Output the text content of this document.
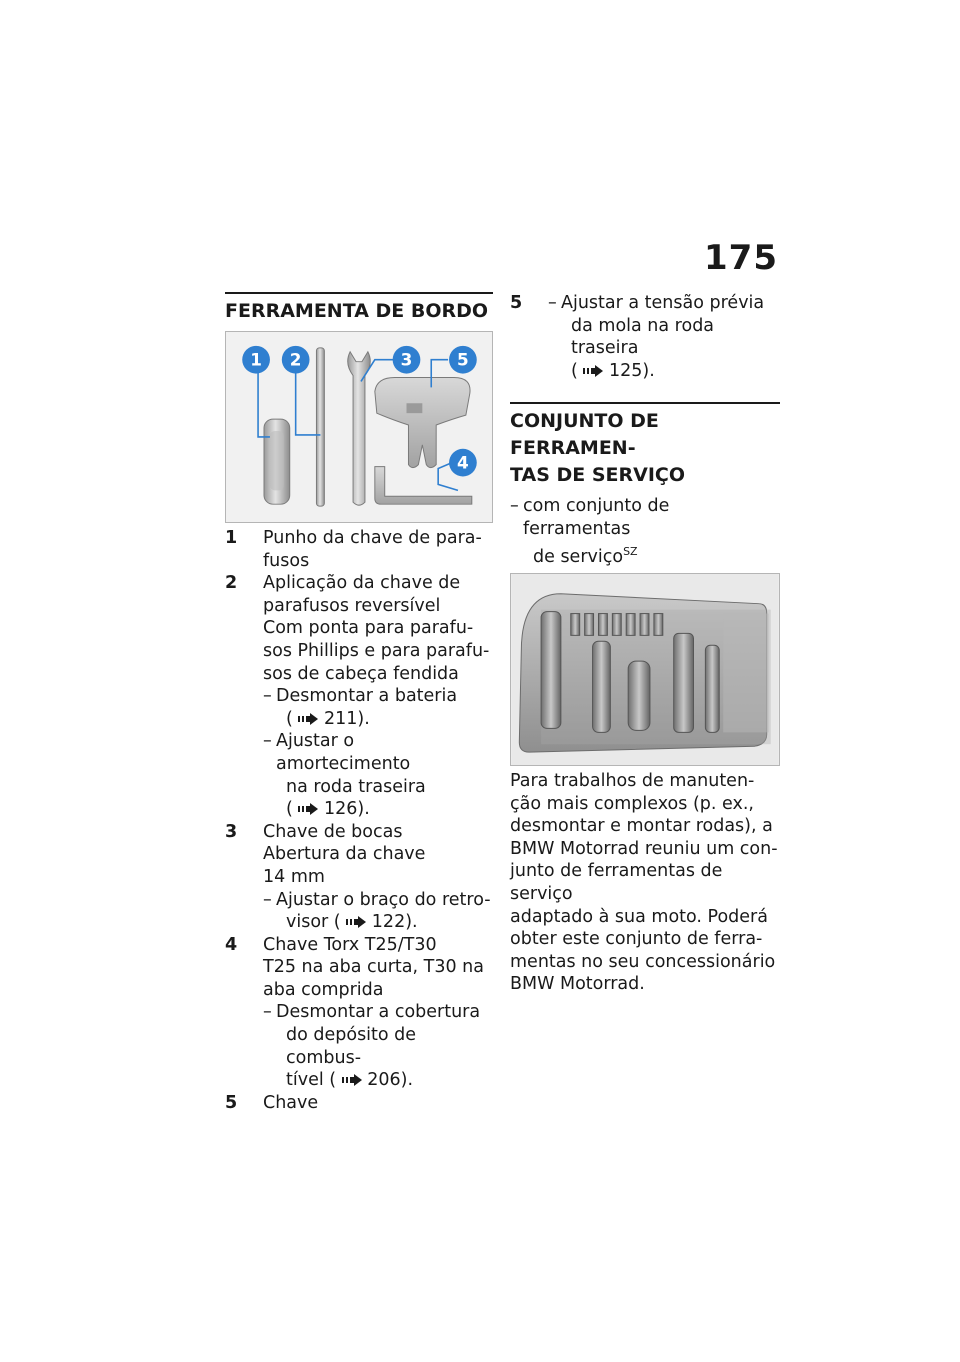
175
FERRAMENTA DE BORDO
1 2	3	5
4
1	Punho da chave de para-
fusos
2	Aplicação da chave de
parafusos reversível
Com ponta para parafu-
sos Phillips e para parafu-
sos de cabeça fendida
– Desmontar a bateria
( 211).
– Ajustar o amortecimento
na roda traseira
( 126).
3	Chave de bocas
Abertura da chave
14 mm
– Ajustar o braço do retro-
visor ( 122).
4	Chave Torx T25/T30
T25 na aba curta, T30 na
aba comprida
– Desmontar a cobertura
do depósito de combus-
tível ( 206).
5	Chave
5	– Ajustar a tensão prévia
da mola na roda traseira
( 125).
CONJUNTO DE FERRAMEN-
TAS DE SERVIÇO
– com conjunto de ferramentas
de serviço$^{SZ}$
Para trabalhos de manuten-
ção mais complexos (p. ex.,
desmontar e montar rodas), a
BMW Motorrad reuniu um con-
junto de ferramentas de serviço
adaptado à sua moto. Poderá
obter este conjunto de ferra-
mentas no seu concessionário
BMW Motorrad.
